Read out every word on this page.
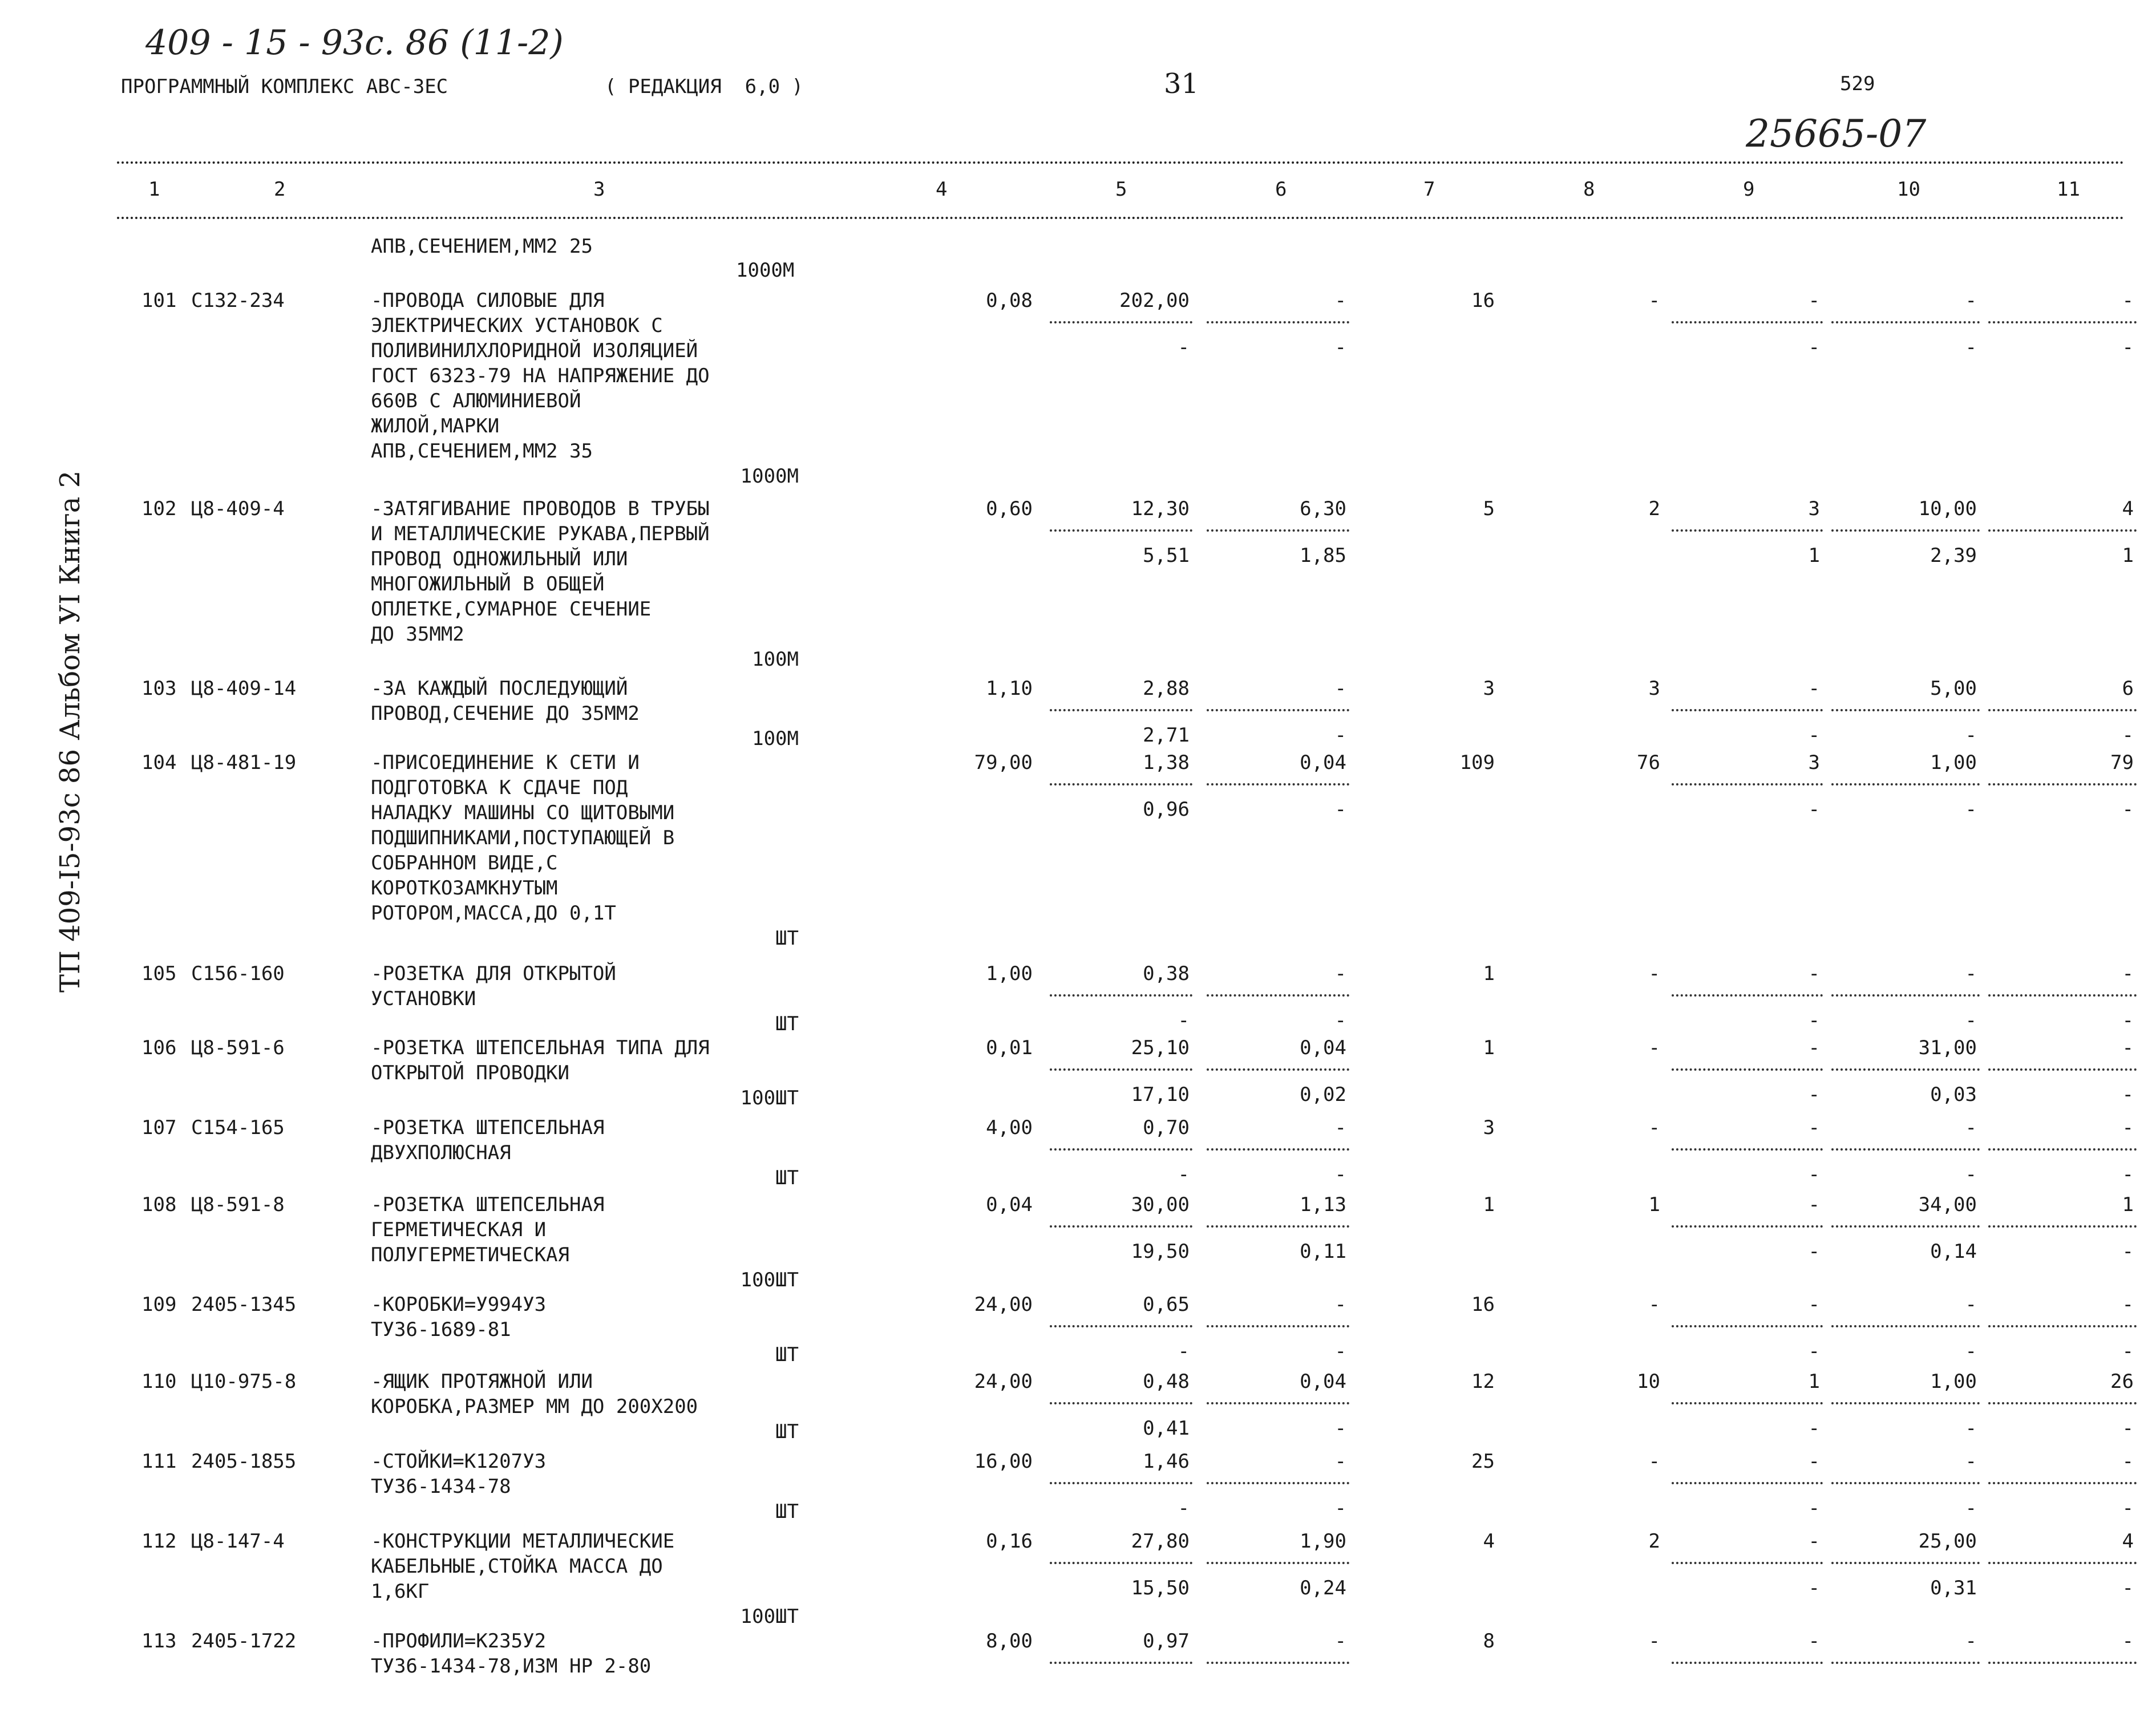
409 - 15 - 93с. 86 (11-2)
ПРОГРАММНЫЙ КОМПЛЕКС АВС-3ЕС	( РЕДАКЦИЯ  6,0 )	31	529
25665-07
ТП 409-I5-93с 86 Альбом УI Книга 2
1	2	3	4	5	6	7	8	9	10	11
АПВ,СЕЧЕНИЕМ,ММ2 25
1000М
101 С132-234	-ПРОВОДА СИЛОВЫЕ ДЛЯ
ЭЛЕКТРИЧЕСКИХ УСТАНОВОК С
ПОЛИВИНИЛХЛОРИДНОЙ ИЗОЛЯЦИЕЙ
ГОСТ 6323-79 НА НАПРЯЖЕНИЕ ДО
660В С АЛЮМИНИЕВОЙ
ЖИЛОЙ,МАРКИ
АПВ,СЕЧЕНИЕМ,ММ2 35
1000М
0,08	202,00	-	16	-	-	-	-
-	-	-	-	-
102 Ц8-409-4	-ЗАТЯГИВАНИЕ ПРОВОДОВ В ТРУБЫ
И МЕТАЛЛИЧЕСКИЕ РУКАВА,ПЕРВЫЙ
ПРОВОД ОДНОЖИЛЬНЫЙ ИЛИ
МНОГОЖИЛЬНЫЙ В ОБЩЕЙ
ОПЛЕТКЕ,СУМАРНОЕ СЕЧЕНИЕ
ДО 35ММ2
100М
0,60	12,30	6,30	5	2	3	10,00	4
5,51	1,85	1	2,39	1
103 Ц8-409-14	-ЗА КАЖДЫЙ ПОСЛЕДУЮЩИЙ
ПРОВОД,СЕЧЕНИЕ ДО 35ММ2
100М
1,10	2,88	-	3	3	-	5,00	6
2,71	-	-	-	-
104 Ц8-481-19	-ПРИСОЕДИНЕНИЕ К СЕТИ И
ПОДГОТОВКА К СДАЧЕ ПОД
НАЛАДКУ МАШИНЫ СО ЩИТОВЫМИ
ПОДШИПНИКАМИ,ПОСТУПАЮЩЕЙ В
СОБРАННОМ ВИДЕ,С
КОРОТКОЗАМКНУТЫМ
РОТОРОМ,МАССА,ДО 0,1Т
ШТ
79,00	1,38	0,04	109	76	3	1,00	79
0,96	-	-	-	-
105 С156-160	-РОЗЕТКА ДЛЯ ОТКРЫТОЙ
УСТАНОВКИ
ШТ
1,00	0,38	-	1	-	-	-	-
-	-	-	-	-
106 Ц8-591-6	-РОЗЕТКА ШТЕПСЕЛЬНАЯ ТИПА ДЛЯ
ОТКРЫТОЙ ПРОВОДКИ
100ШТ
0,01	25,10	0,04	1	-	-	31,00	-
17,10	0,02	-	0,03	-
107 С154-165	-РОЗЕТКА ШТЕПСЕЛЬНАЯ
ДВУХПОЛЮСНАЯ
ШТ
4,00	0,70	-	3	-	-	-	-
-	-	-	-	-
108 Ц8-591-8	-РОЗЕТКА ШТЕПСЕЛЬНАЯ
ГЕРМЕТИЧЕСКАЯ И
ПОЛУГЕРМЕТИЧЕСКАЯ
100ШТ
0,04	30,00	1,13	1	1	-	34,00	1
19,50	0,11	-	0,14	-
109 2405-1345	-КОРОБКИ=У994У3
ТУ36-1689-81
ШТ
24,00	0,65	-	16	-	-	-	-
-	-	-	-	-
110 Ц10-975-8	-ЯЩИК ПРОТЯЖНОЙ ИЛИ
КОРОБКА,РАЗМЕР ММ ДО 200Х200
ШТ
24,00	0,48	0,04	12	10	1	1,00	26
0,41	-	-	-	-
111 2405-1855	-СТОЙКИ=К1207У3
ТУ36-1434-78
ШТ
16,00	1,46	-	25	-	-	-	-
-	-	-	-	-
112 Ц8-147-4	-КОНСТРУКЦИИ МЕТАЛЛИЧЕСКИЕ
КАБЕЛЬНЫЕ,СТОЙКА МАССА ДО
1,6КГ
100ШТ
0,16	27,80	1,90	4	2	-	25,00	4
15,50	0,24	-	0,31	-
113 2405-1722	-ПРОФИЛИ=К235У2
ТУ36-1434-78,ИЗМ НР 2-80
8,00	0,97	-	8	-	-	-	-
